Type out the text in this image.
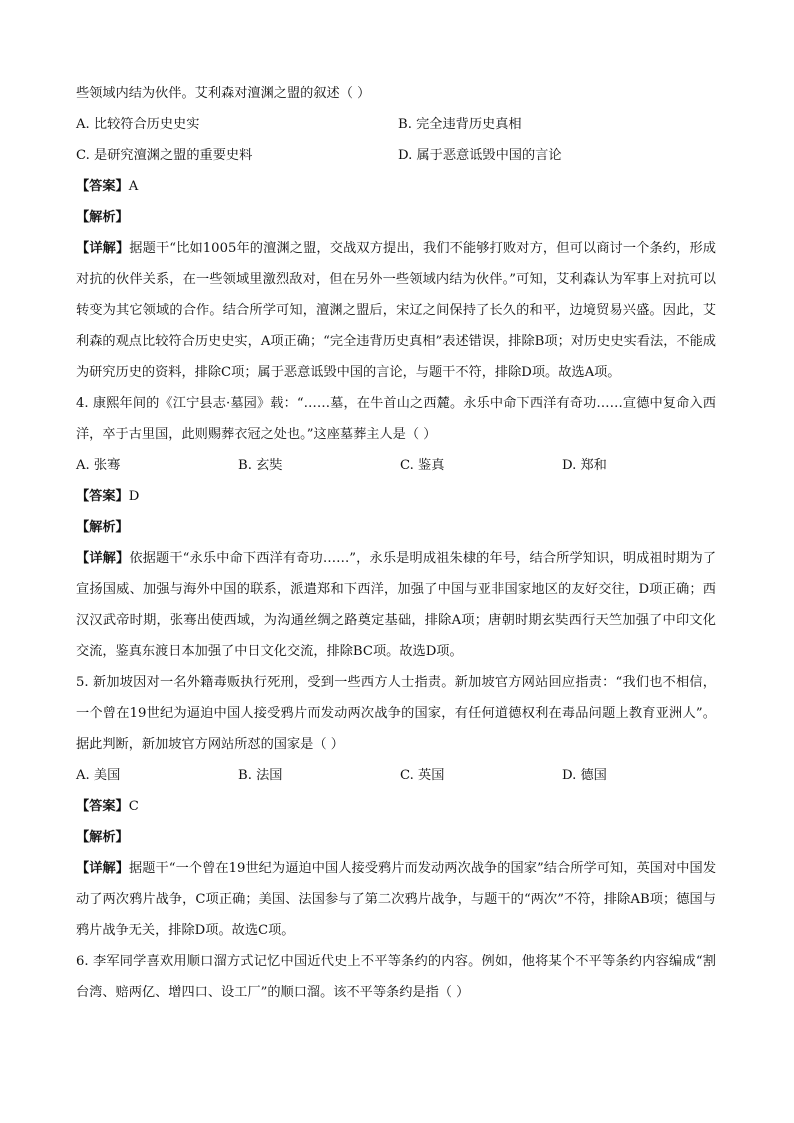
些领域内结为伙伴。艾利森对澶渊之盟的叙述（ ）
A. 比较符合历史史实	B. 完全违背历史真相
C. 是研究澶渊之盟的重要史料	D. 属于恶意诋毁中国的言论
【答案】A
【解析】
【详解】据题干“比如1005年的澶渊之盟，交战双方提出，我们不能够打败对方，但可以商讨一个条约，形成对抗的伙伴关系，在一些领域里激烈敌对，但在另外一些领域内结为伙伴。”可知，艾利森认为军事上对抗可以转变为其它领域的合作。结合所学可知，澶渊之盟后，宋辽之间保持了长久的和平，边境贸易兴盛。因此，艾利森的观点比较符合历史史实，A项正确；“完全违背历史真相”表述错误，排除B项；对历史史实看法，不能成为研究历史的资料，排除C项；属于恶意诋毁中国的言论，与题干不符，排除D项。故选A项。
4. 康熙年间的《江宁县志·墓园》载：“……墓，在牛首山之西麓。永乐中命下西洋有奇功……宣德中复命入西洋，卒于古里国，此则赐葬衣冠之处也。”这座墓葬主人是（ ）
A. 张骞	B. 玄奘	C. 鉴真	D. 郑和
【答案】D
【解析】
【详解】依据题干“永乐中命下西洋有奇功……”，永乐是明成祖朱棣的年号，结合所学知识，明成祖时期为了宣扬国威、加强与海外中国的联系，派遣郑和下西洋，加强了中国与亚非国家地区的友好交往，D项正确；西汉汉武帝时期，张骞出使西域，为沟通丝绸之路奠定基础，排除A项；唐朝时期玄奘西行天竺加强了中印文化交流，鉴真东渡日本加强了中日文化交流，排除BC项。故选D项。
5. 新加坡因对一名外籍毒贩执行死刑，受到一些西方人士指责。新加坡官方网站回应指责：“我们也不相信，一个曾在19世纪为逼迫中国人接受鸦片而发动两次战争的国家，有任何道德权利在毒品问题上教育亚洲人”。据此判断，新加坡官方网站所怼的国家是（ ）
A. 美国	B. 法国	C. 英国	D. 德国
【答案】C
【解析】
【详解】据题干“一个曾在19世纪为逼迫中国人接受鸦片而发动两次战争的国家”结合所学可知，英国对中国发动了两次鸦片战争，C项正确；美国、法国参与了第二次鸦片战争，与题干的“两次”不符，排除AB项；德国与鸦片战争无关，排除D项。故选C项。
6. 李军同学喜欢用顺口溜方式记忆中国近代史上不平等条约的内容。例如，他将某个不平等条约内容编成“割台湾、赔两亿、增四口、设工厂”的顺口溜。该不平等条约是指（ ）
